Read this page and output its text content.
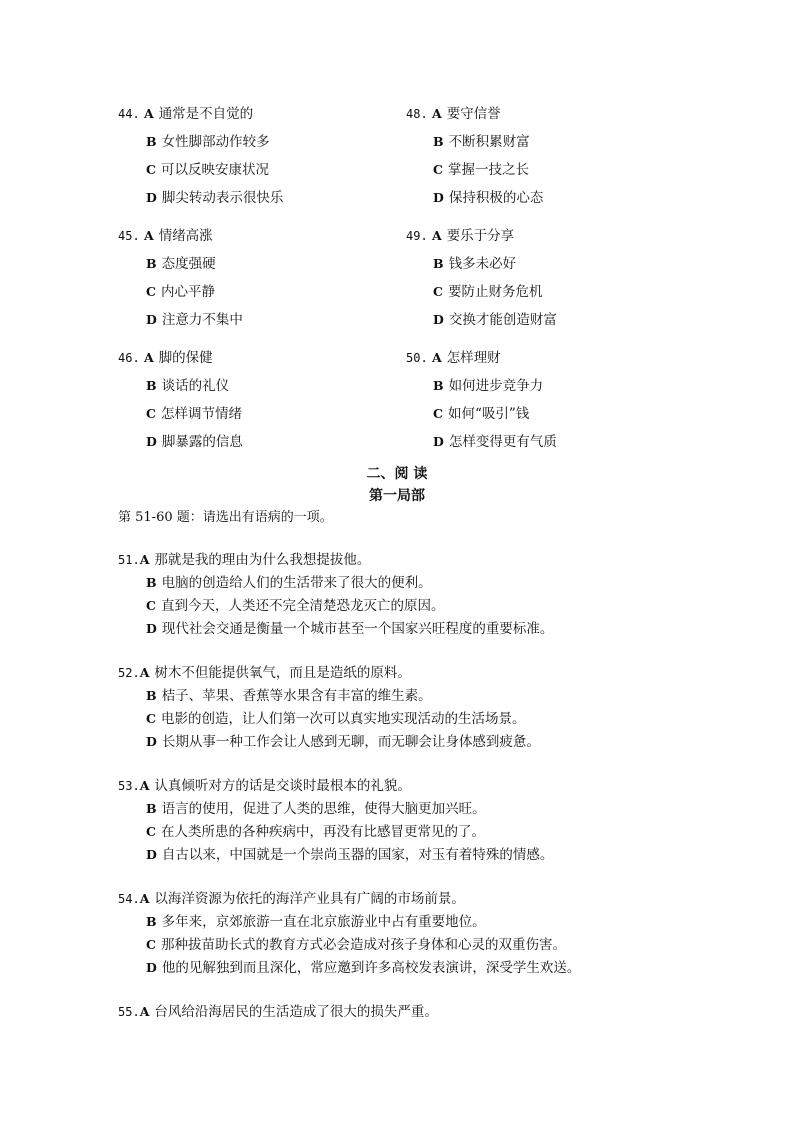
44. A 通常是不自觉的
B 女性脚部动作较多
C 可以反映安康状况
D 脚尖转动表示很快乐
45. A 情绪高涨
B 态度强硬
C 内心平静
D 注意力不集中
46. A 脚的保健
B 谈话的礼仪
C 怎样调节情绪
D 脚暴露的信息
48. A 要守信誉
B 不断积累财富
C 掌握一技之长
D 保持积极的心态
49. A 要乐于分享
B 钱多未必好
C 要防止财务危机
D 交换才能创造财富
50. A 怎样理财
B 如何进步竞争力
C 如何“吸引”钱
D 怎样变得更有气质
二、阅 读
第一局部
第 51-60 题：请选出有语病的一项。
51.A 那就是我的理由为什么我想提拔他。
B 电脑的创造给人们的生活带来了很大的便利。
C 直到今天，人类还不完全清楚恐龙灭亡的原因。
D 现代社会交通是衡量一个城市甚至一个国家兴旺程度的重要标准。
52.A 树木不但能提供氧气，而且是造纸的原料。
B 桔子、苹果、香蕉等水果含有丰富的维生素。
C 电影的创造，让人们第一次可以真实地实现活动的生活场景。
D 长期从事一种工作会让人感到无聊，而无聊会让身体感到疲惫。
53.A 认真倾听对方的话是交谈时最根本的礼貌。
B 语言的使用，促进了人类的思维，使得大脑更加兴旺。
C 在人类所患的各种疾病中，再没有比感冒更常见的了。
D 自古以来，中国就是一个崇尚玉器的国家，对玉有着特殊的情感。
54.A 以海洋资源为依托的海洋产业具有广阔的市场前景。
B 多年来，京郊旅游一直在北京旅游业中占有重要地位。
C 那种拔苗助长式的教育方式必会造成对孩子身体和心灵的双重伤害。
D 他的见解独到而且深化，常应邀到许多高校发表演讲，深受学生欢送。
55.A 台风给沿海居民的生活造成了很大的损失严重。
